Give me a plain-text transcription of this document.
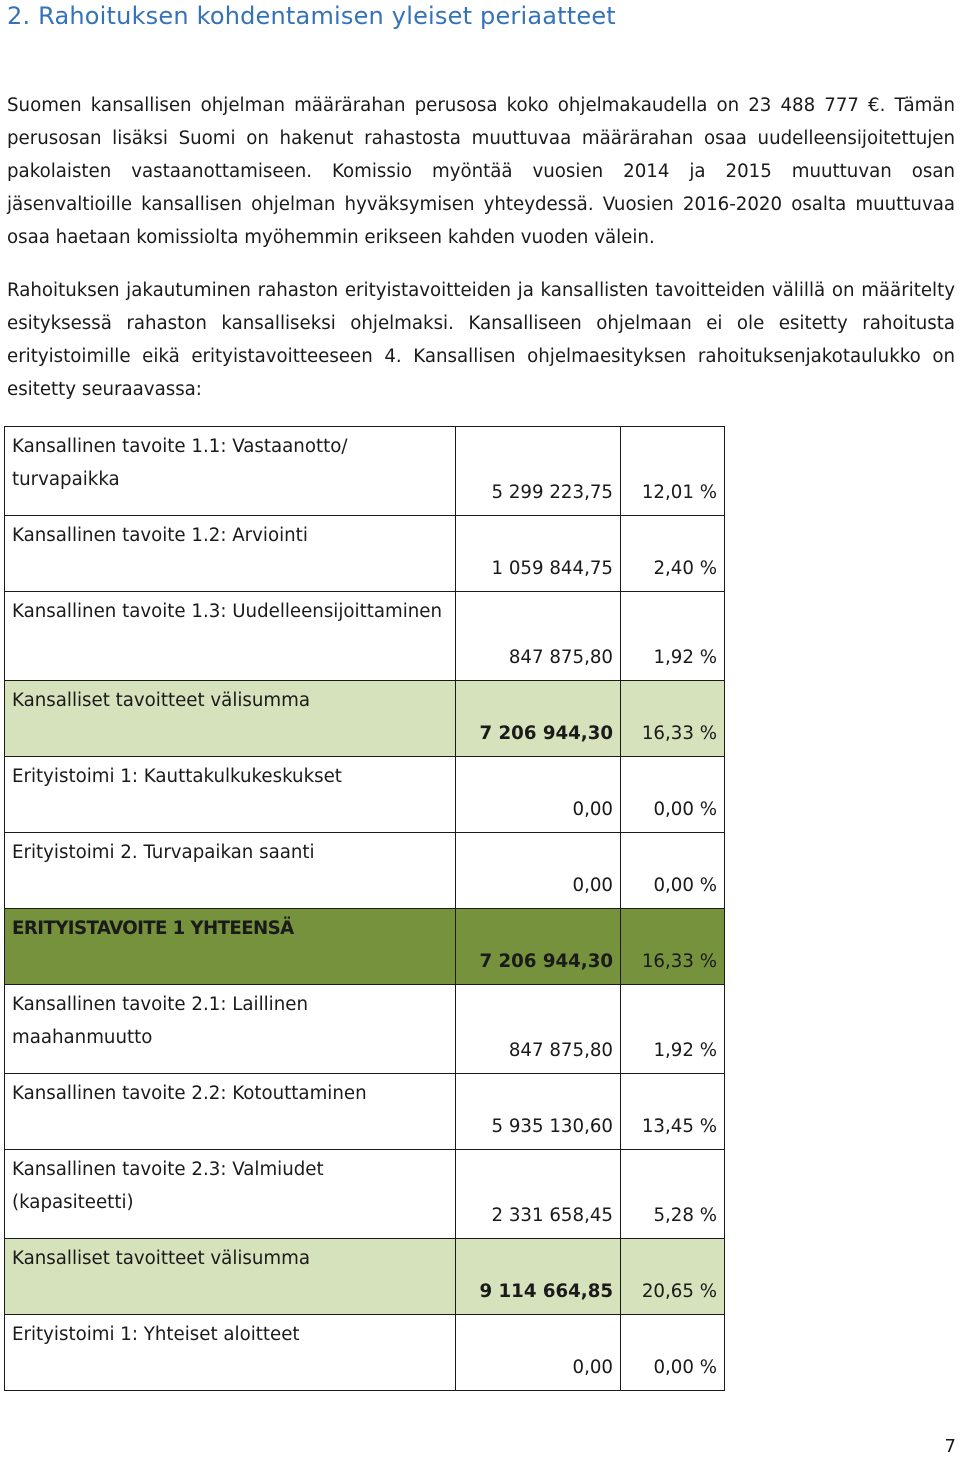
2. Rahoituksen kohdentamisen yleiset periaatteet

Suomen kansallisen ohjelman määrärahan perusosa koko ohjelmakaudella on 23 488 777 €. Tämän perusosan lisäksi Suomi on hakenut rahastosta muuttuvaa määrärahan osaa uudelleensijoitettujen pakolaisten vastaanottamiseen. Komissio myöntää vuosien 2014 ja 2015 muuttuvan osan jäsenvaltioille kansallisen ohjelman hyväksymisen yhteydessä. Vuosien 2016-2020 osalta muuttuvaa osaa haetaan komissiolta myöhemmin erikseen kahden vuoden välein.

Rahoituksen jakautuminen rahaston erityistavoitteiden ja kansallisten tavoitteiden välillä on määritelty esityksessä rahaston kansalliseksi ohjelmaksi. Kansalliseen ohjelmaan ei ole esitetty rahoitusta erityistoimille eikä erityistavoitteeseen 4. Kansallisen ohjelmaesityksen rahoituksenjakotaulukko on esitetty seuraavassa:

Kansallinen tavoite 1.1: Vastaanotto/ turvapaikka	5 299 223,75	12,01 %
Kansallinen tavoite 1.2: Arviointi	1 059 844,75	2,40 %
Kansallinen tavoite 1.3: Uudelleensijoittaminen	847 875,80	1,92 %
Kansalliset tavoitteet välisumma	7 206 944,30	16,33 %
Erityistoimi 1: Kauttakulkukeskukset	0,00	0,00 %
Erityistoimi 2. Turvapaikan saanti	0,00	0,00 %
ERITYISTAVOITE 1 YHTEENSÄ	7 206 944,30	16,33 %
Kansallinen tavoite 2.1: Laillinen maahanmuutto	847 875,80	1,92 %
Kansallinen tavoite 2.2: Kotouttaminen	5 935 130,60	13,45 %
Kansallinen tavoite 2.3: Valmiudet (kapasiteetti)	2 331 658,45	5,28 %
Kansalliset tavoitteet välisumma	9 114 664,85	20,65 %
Erityistoimi 1: Yhteiset aloitteet	0,00	0,00 %
7
